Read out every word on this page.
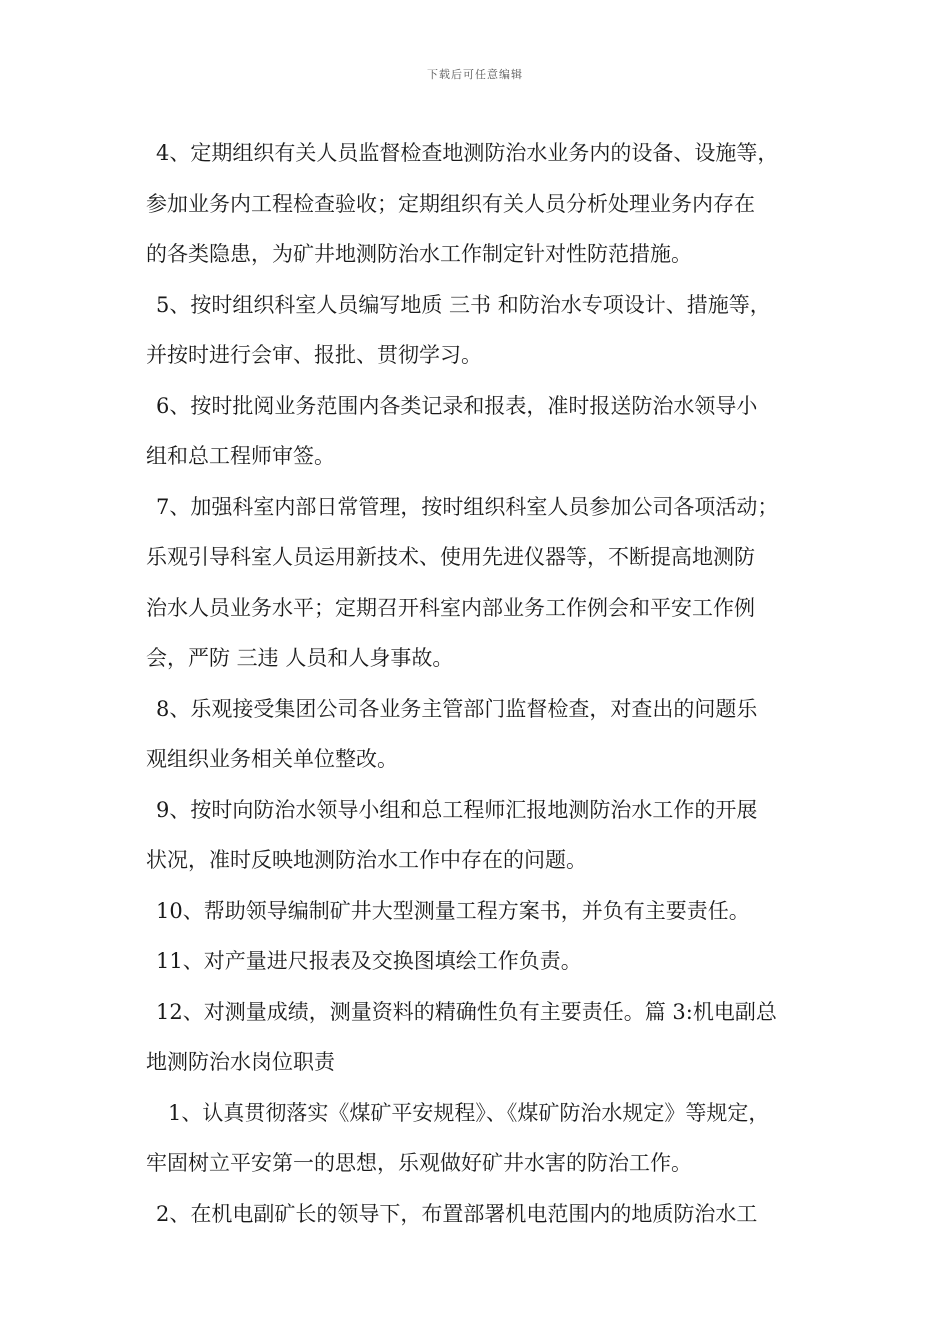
下载后可任意编辑
4、定期组织有关人员监督检查地测防治水业务内的设备、设施等，
参加业务内工程检查验收；定期组织有关人员分析处理业务内存在
的各类隐患，为矿井地测防治水工作制定针对性防范措施。
5、按时组织科室人员编写地质 三书 和防治水专项设计、措施等，
并按时进行会审、报批、贯彻学习。
6、按时批阅业务范围内各类记录和报表，准时报送防治水领导小
组和总工程师审签。
7、加强科室内部日常管理，按时组织科室人员参加公司各项活动；
乐观引导科室人员运用新技术、使用先进仪器等，不断提高地测防
治水人员业务水平；定期召开科室内部业务工作例会和平安工作例
会，严防 三违 人员和人身事故。
8、乐观接受集团公司各业务主管部门监督检查，对查出的问题乐
观组织业务相关单位整改。
9、按时向防治水领导小组和总工程师汇报地测防治水工作的开展
状况，准时反映地测防治水工作中存在的问题。
10、帮助领导编制矿井大型测量工程方案书，并负有主要责任。
11、对产量进尺报表及交换图填绘工作负责。
12、对测量成绩，测量资料的精确性负有主要责任。篇 3:机电副总
地测防治水岗位职责
1、认真贯彻落实《煤矿平安规程》、《煤矿防治水规定》等规定，
牢固树立平安第一的思想，乐观做好矿井水害的防治工作。
2、在机电副矿长的领导下，布置部署机电范围内的地质防治水工
